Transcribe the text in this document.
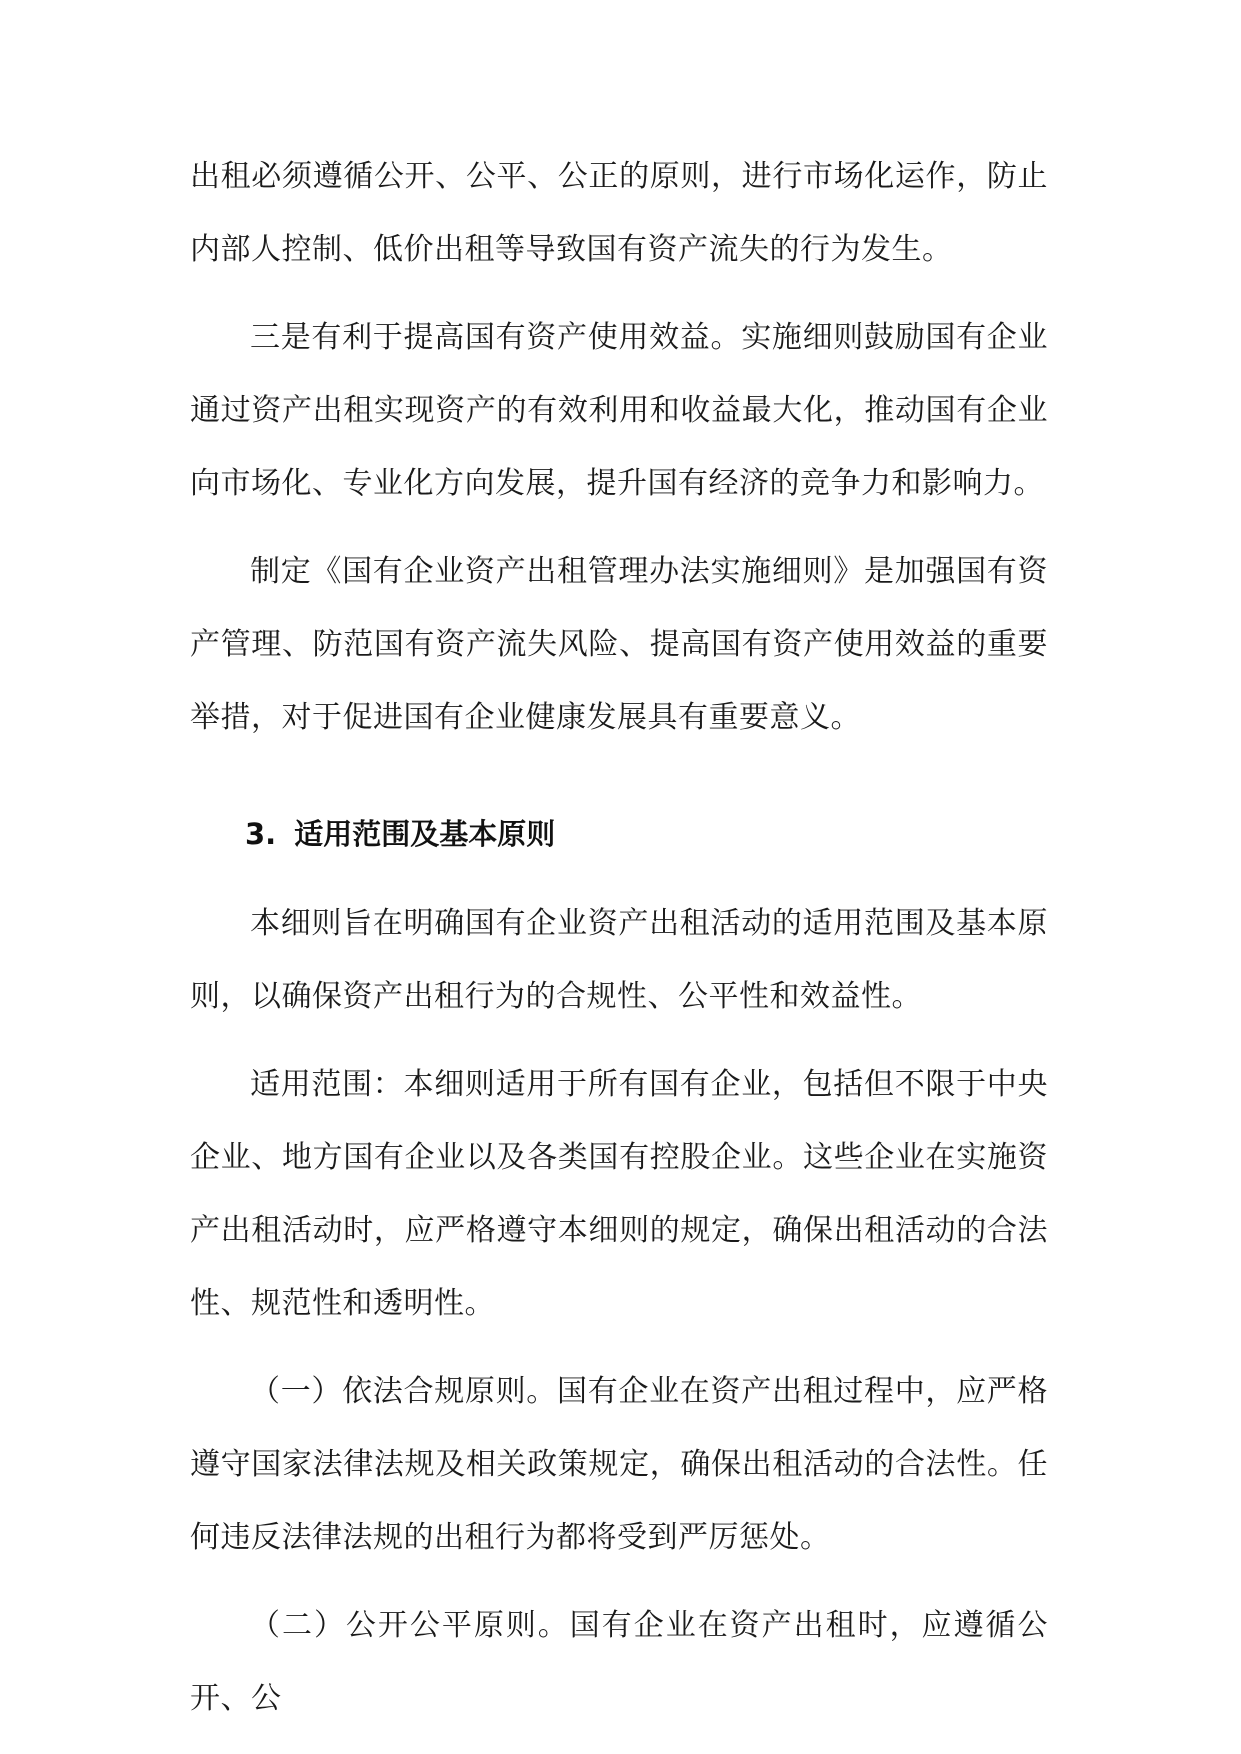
出租必须遵循公开、公平、公正的原则，进行市场化运作，防止内部人控制、低价出租等导致国有资产流失的行为发生。

三是有利于提高国有资产使用效益。实施细则鼓励国有企业通过资产出租实现资产的有效利用和收益最大化，推动国有企业向市场化、专业化方向发展，提升国有经济的竞争力和影响力。

制定《国有企业资产出租管理办法实施细则》是加强国有资产管理、防范国有资产流失风险、提高国有资产使用效益的重要举措，对于促进国有企业健康发展具有重要意义。

3. 适用范围及基本原则

本细则旨在明确国有企业资产出租活动的适用范围及基本原则，以确保资产出租行为的合规性、公平性和效益性。

适用范围：本细则适用于所有国有企业，包括但不限于中央企业、地方国有企业以及各类国有控股企业。这些企业在实施资产出租活动时，应严格遵守本细则的规定，确保出租活动的合法性、规范性和透明性。

（一）依法合规原则。国有企业在资产出租过程中，应严格遵守国家法律法规及相关政策规定，确保出租活动的合法性。任何违反法律法规的出租行为都将受到严厉惩处。

（二）公开公平原则。国有企业在资产出租时，应遵循公开、公
